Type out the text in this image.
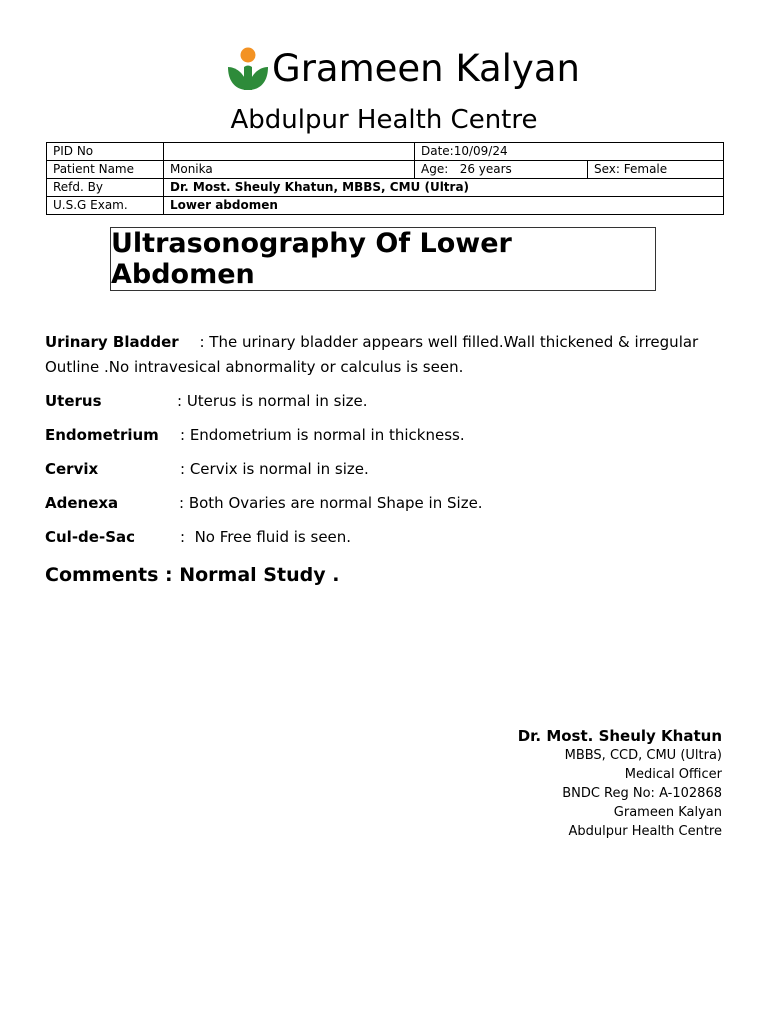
Grameen Kalyan
Abdulpur Health Centre
PID No		Date:10/09/24	
Patient Name	Monika	Age:   26 years	Sex: Female
Refd. By	Dr. Most. Sheuly Khatun, MBBS, CMU (Ultra)		
U.S.G Exam.	Lower abdomen		
Ultrasonography Of Lower Abdomen
Urinary Bladder : The urinary bladder appears well filled.Wall thickened & irregular
Outline .No intravesical abnormality or calculus is seen.
Uterus	: Uterus is normal in size.
Endometrium : Endometrium is normal in thickness.
Cervix	: Cervix is normal in size.
Adenexa	: Both Ovaries are normal Shape in Size.
Cul-de-Sac	:  No Free fluid is seen.
Comments : Normal Study .
Dr. Most. Sheuly Khatun
MBBS, CCD, CMU (Ultra)
Medical Officer
BNDC Reg No: A-102868
Grameen Kalyan
Abdulpur Health Centre
